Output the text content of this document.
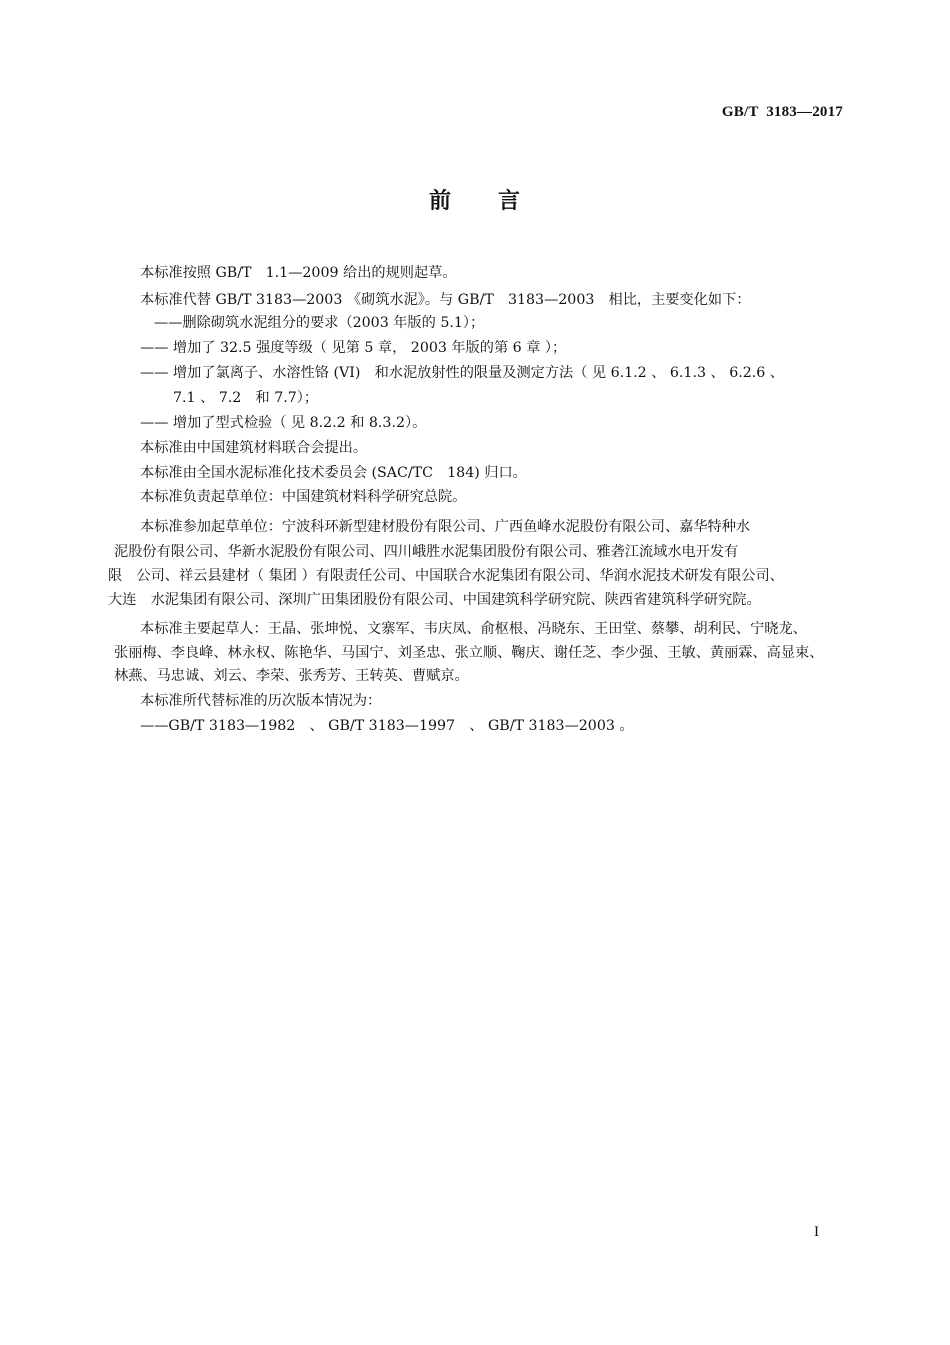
GB/T  3183—2017
前　　言
本标准按照 GB/T　1.1—2009 给出的规则起草。
本标准代替 GB/T 3183—2003 《砌筑水泥》。与 GB/T　3183—2003　相比，主要变化如下：
——删除砌筑水泥组分的要求（2003 年版的 5.1）；
—— 增加了 32.5 强度等级（ 见第 5 章， 2003 年版的第 6 章 ）；
—— 增加了氯离子、水溶性铬 (VI)　和水泥放射性的限量及测定方法（ 见 6.1.2 、 6.1.3 、 6.2.6 、
7.1 、 7.2　和 7.7）；
—— 增加了型式检验（ 见 8.2.2 和 8.3.2）。
本标准由中国建筑材料联合会提出。
本标准由全国水泥标准化技术委员会 (SAC/TC　184) 归口。
本标准负责起草单位：中国建筑材料科学研究总院。
本标准参加起草单位：宁波科环新型建材股份有限公司、广西鱼峰水泥股份有限公司、嘉华特种水
泥股份有限公司、华新水泥股份有限公司、四川峨胜水泥集团股份有限公司、雅砻江流域水电开发有
限　公司、祥云县建材（ 集团 ）有限责任公司、中国联合水泥集团有限公司、华润水泥技术研发有限公司、
大连　水泥集团有限公司、深圳广田集团股份有限公司、中国建筑科学研究院、陕西省建筑科学研究院。
本标准主要起草人：王晶、张坤悦、文寨军、韦庆凤、俞枢根、冯晓东、王田堂、蔡攀、胡利民、宁晓龙、
张丽梅、李良峰、林永权、陈艳华、马国宁、刘圣忠、张立顺、鞠庆、谢任芝、李少强、王敏、黄丽霖、高显束、
林燕、马忠诚、刘云、李荣、张秀芳、王转英、曹赋京。
本标准所代替标准的历次版本情况为：
——GB/T 3183—1982　、 GB/T 3183—1997　、 GB/T 3183—2003 。
I
